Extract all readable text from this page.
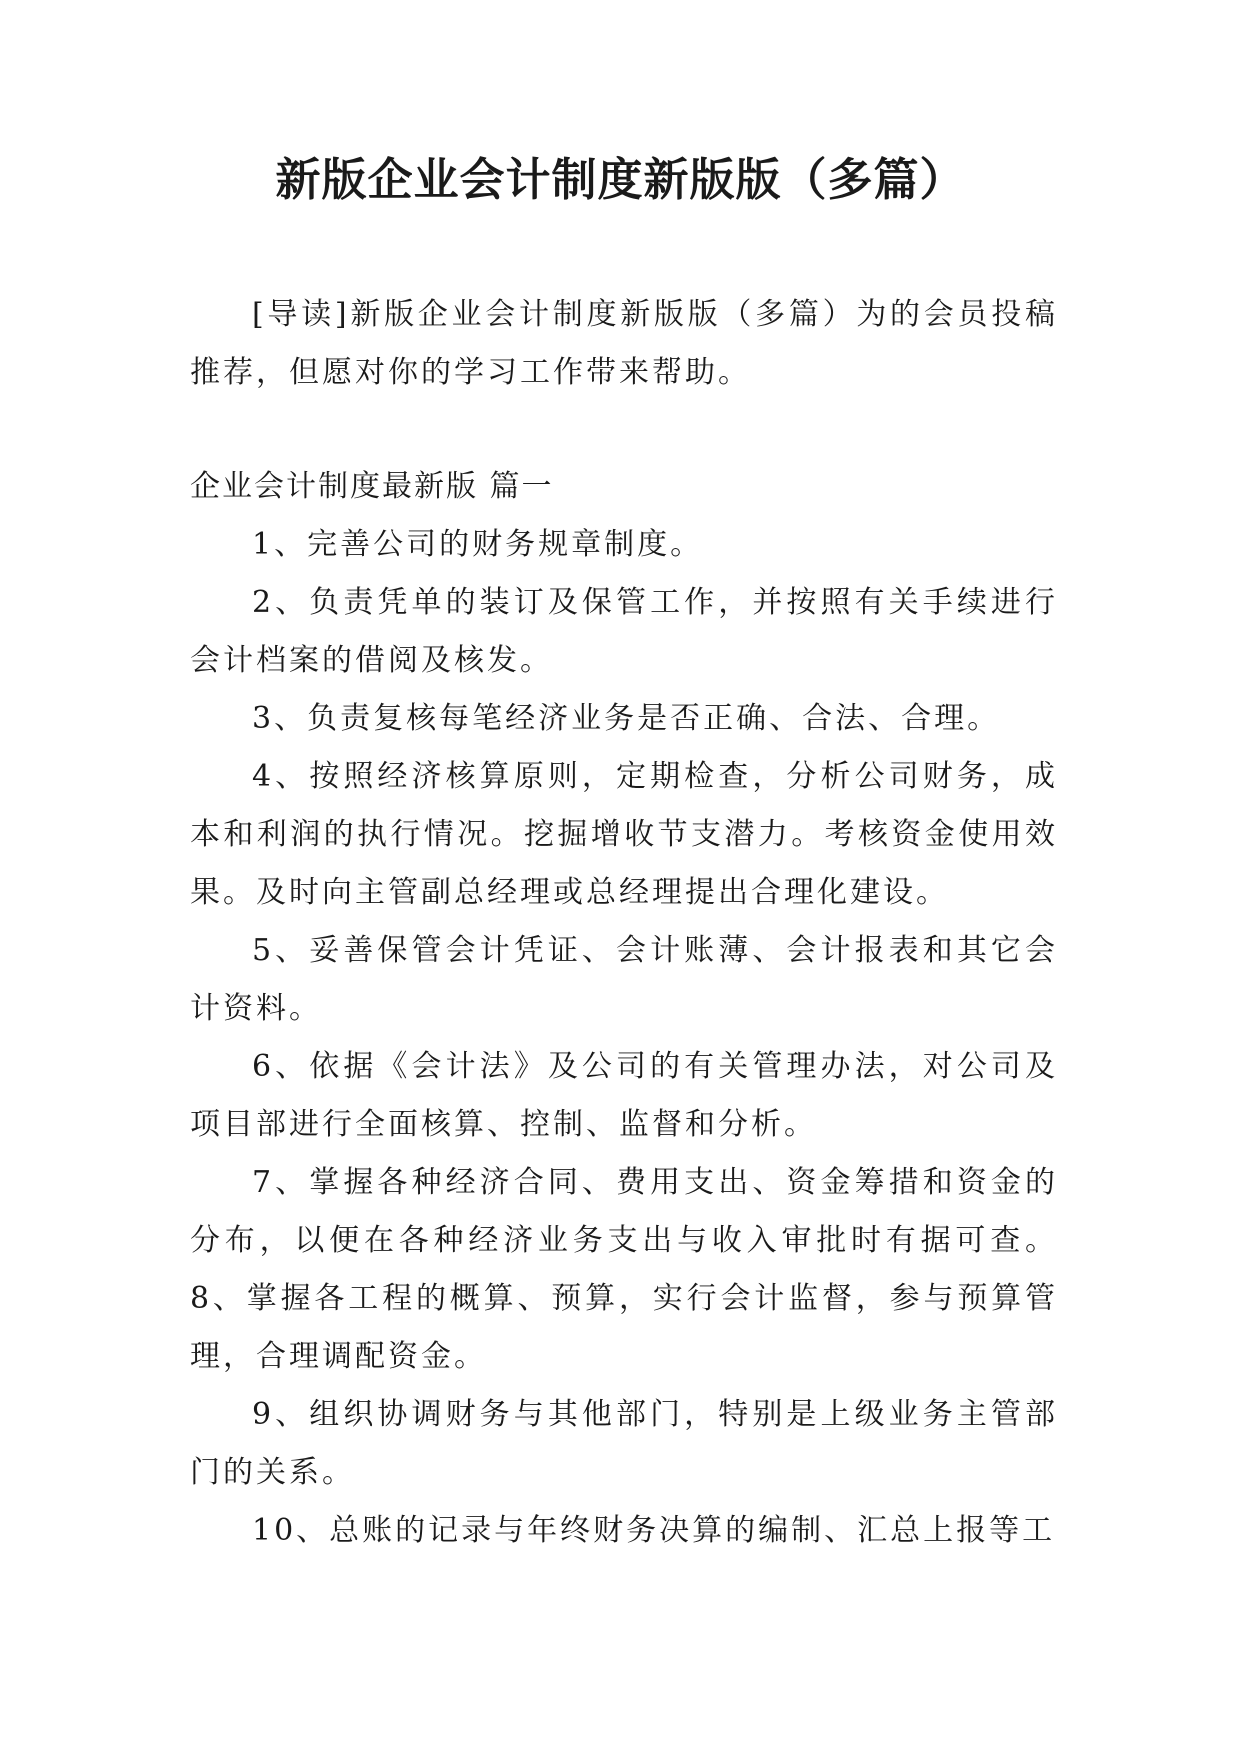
新版企业会计制度新版版（多篇）

[导读]新版企业会计制度新版版（多篇）为的会员投稿推荐，但愿对你的学习工作带来帮助。

企业会计制度最新版 篇一

1、完善公司的财务规章制度。

2、负责凭单的装订及保管工作，并按照有关手续进行会计档案的借阅及核发。

3、负责复核每笔经济业务是否正确、合法、合理。

4、按照经济核算原则，定期检查，分析公司财务，成本和利润的执行情况。挖掘增收节支潜力。考核资金使用效果。及时向主管副总经理或总经理提出合理化建设。

5、妥善保管会计凭证、会计账薄、会计报表和其它会计资料。

6、依据《会计法》及公司的有关管理办法，对公司及项目部进行全面核算、控制、监督和分析。

7、掌握各种经济合同、费用支出、资金筹措和资金的分布，以便在各种经济业务支出与收入审批时有据可查。8、掌握各工程的概算、预算，实行会计监督，参与预算管理，合理调配资金。

9、组织协调财务与其他部门，特别是上级业务主管部门的关系。

10、总账的记录与年终财务决算的编制、汇总上报等工
